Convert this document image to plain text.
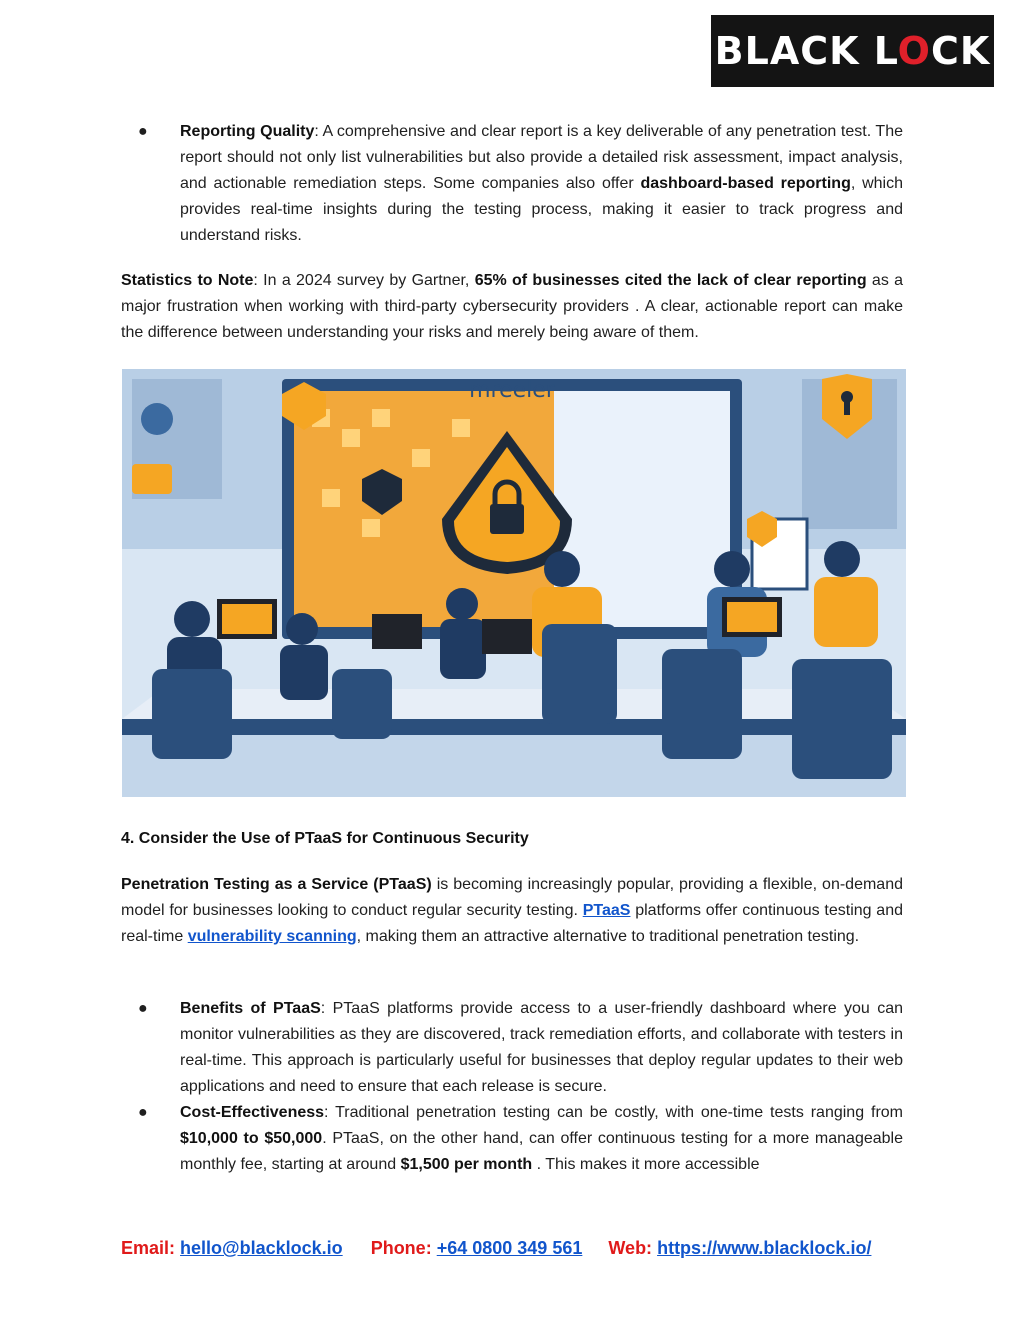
BLACK LOCK
● Reporting Quality: A comprehensive and clear report is a key deliverable of any penetration test. The report should not only list vulnerabilities but also provide a detailed risk assessment, impact analysis, and actionable remediation steps. Some companies also offer dashboard-based reporting, which provides real-time insights during the testing process, making it easier to track progress and understand risks.
Statistics to Note: In a 2024 survey by Gartner, 65% of businesses cited the lack of clear reporting as a major frustration when working with third-party cybersecurity providers . A clear, actionable report can make the difference between understanding your risks and merely being aware of them.
mreeler
4. Consider the Use of PTaaS for Continuous Security
Penetration Testing as a Service (PTaaS) is becoming increasingly popular, providing a flexible, on-demand model for businesses looking to conduct regular security testing. PTaaS platforms offer continuous testing and real-time vulnerability scanning, making them an attractive alternative to traditional penetration testing.
● Benefits of PTaaS: PTaaS platforms provide access to a user-friendly dashboard where you can monitor vulnerabilities as they are discovered, track remediation efforts, and collaborate with testers in real-time. This approach is particularly useful for businesses that deploy regular updates to their web applications and need to ensure that each release is secure.
● Cost-Effectiveness: Traditional penetration testing can be costly, with one-time tests ranging from $10,000 to $50,000. PTaaS, on the other hand, can offer continuous testing for a more manageable monthly fee, starting at around $1,500 per month . This makes it more accessible
Email: hello@blacklock.io Phone: +64 0800 349 561 Web: https://www.blacklock.io/
